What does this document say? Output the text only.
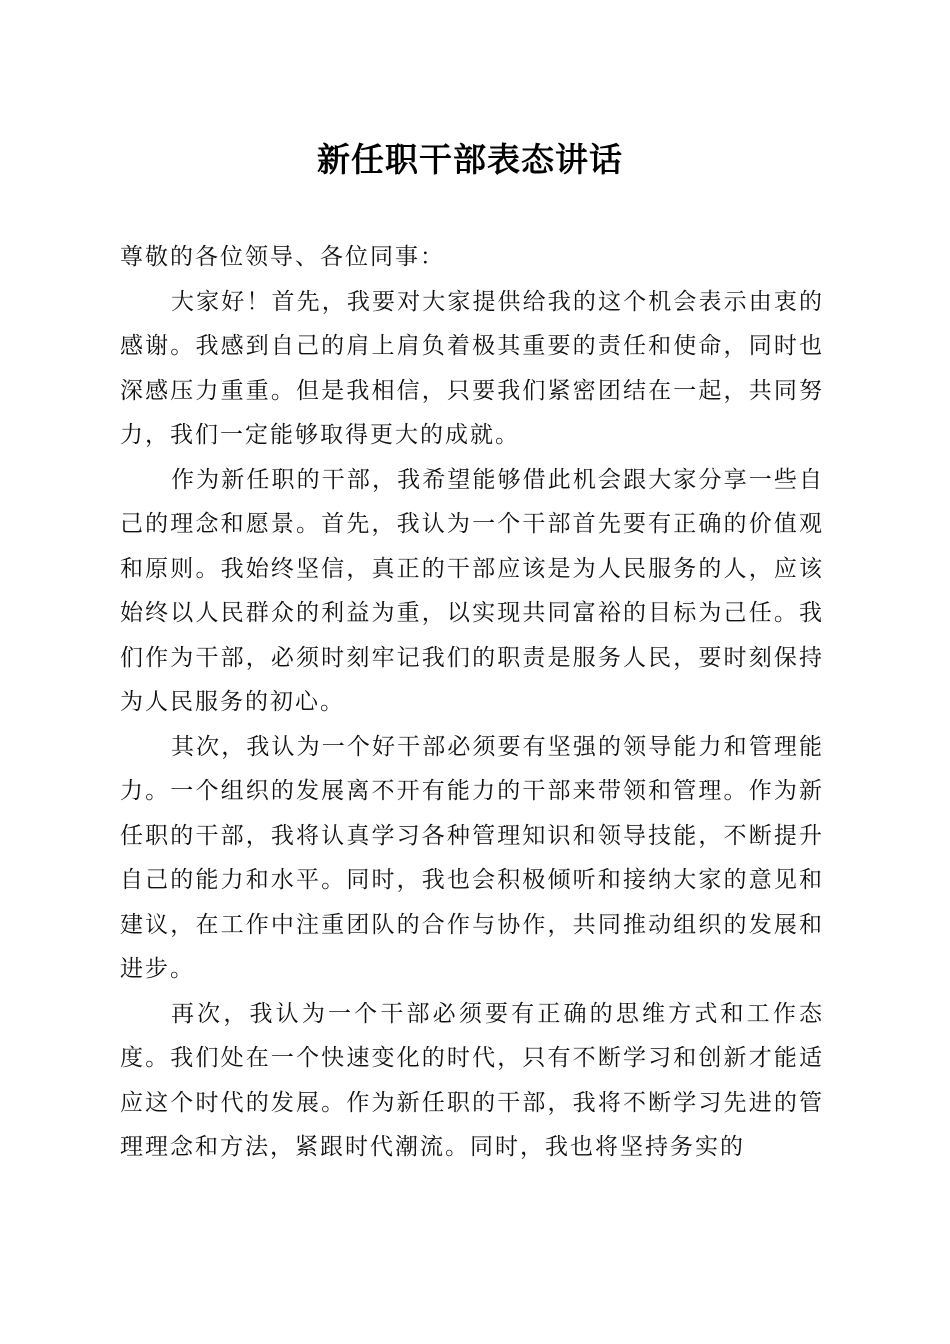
新任职干部表态讲话

尊敬的各位领导、各位同事：

大家好！首先，我要对大家提供给我的这个机会表示由衷的感谢。我感到自己的肩上肩负着极其重要的责任和使命，同时也深感压力重重。但是我相信，只要我们紧密团结在一起，共同努力，我们一定能够取得更大的成就。

作为新任职的干部，我希望能够借此机会跟大家分享一些自己的理念和愿景。首先，我认为一个干部首先要有正确的价值观和原则。我始终坚信，真正的干部应该是为人民服务的人，应该始终以人民群众的利益为重，以实现共同富裕的目标为己任。我们作为干部，必须时刻牢记我们的职责是服务人民，要时刻保持为人民服务的初心。

其次，我认为一个好干部必须要有坚强的领导能力和管理能力。一个组织的发展离不开有能力的干部来带领和管理。作为新任职的干部，我将认真学习各种管理知识和领导技能，不断提升自己的能力和水平。同时，我也会积极倾听和接纳大家的意见和建议，在工作中注重团队的合作与协作，共同推动组织的发展和进步。

再次，我认为一个干部必须要有正确的思维方式和工作态度。我们处在一个快速变化的时代，只有不断学习和创新才能适应这个时代的发展。作为新任职的干部，我将不断学习先进的管理理念和方法，紧跟时代潮流。同时，我也将坚持务实的
